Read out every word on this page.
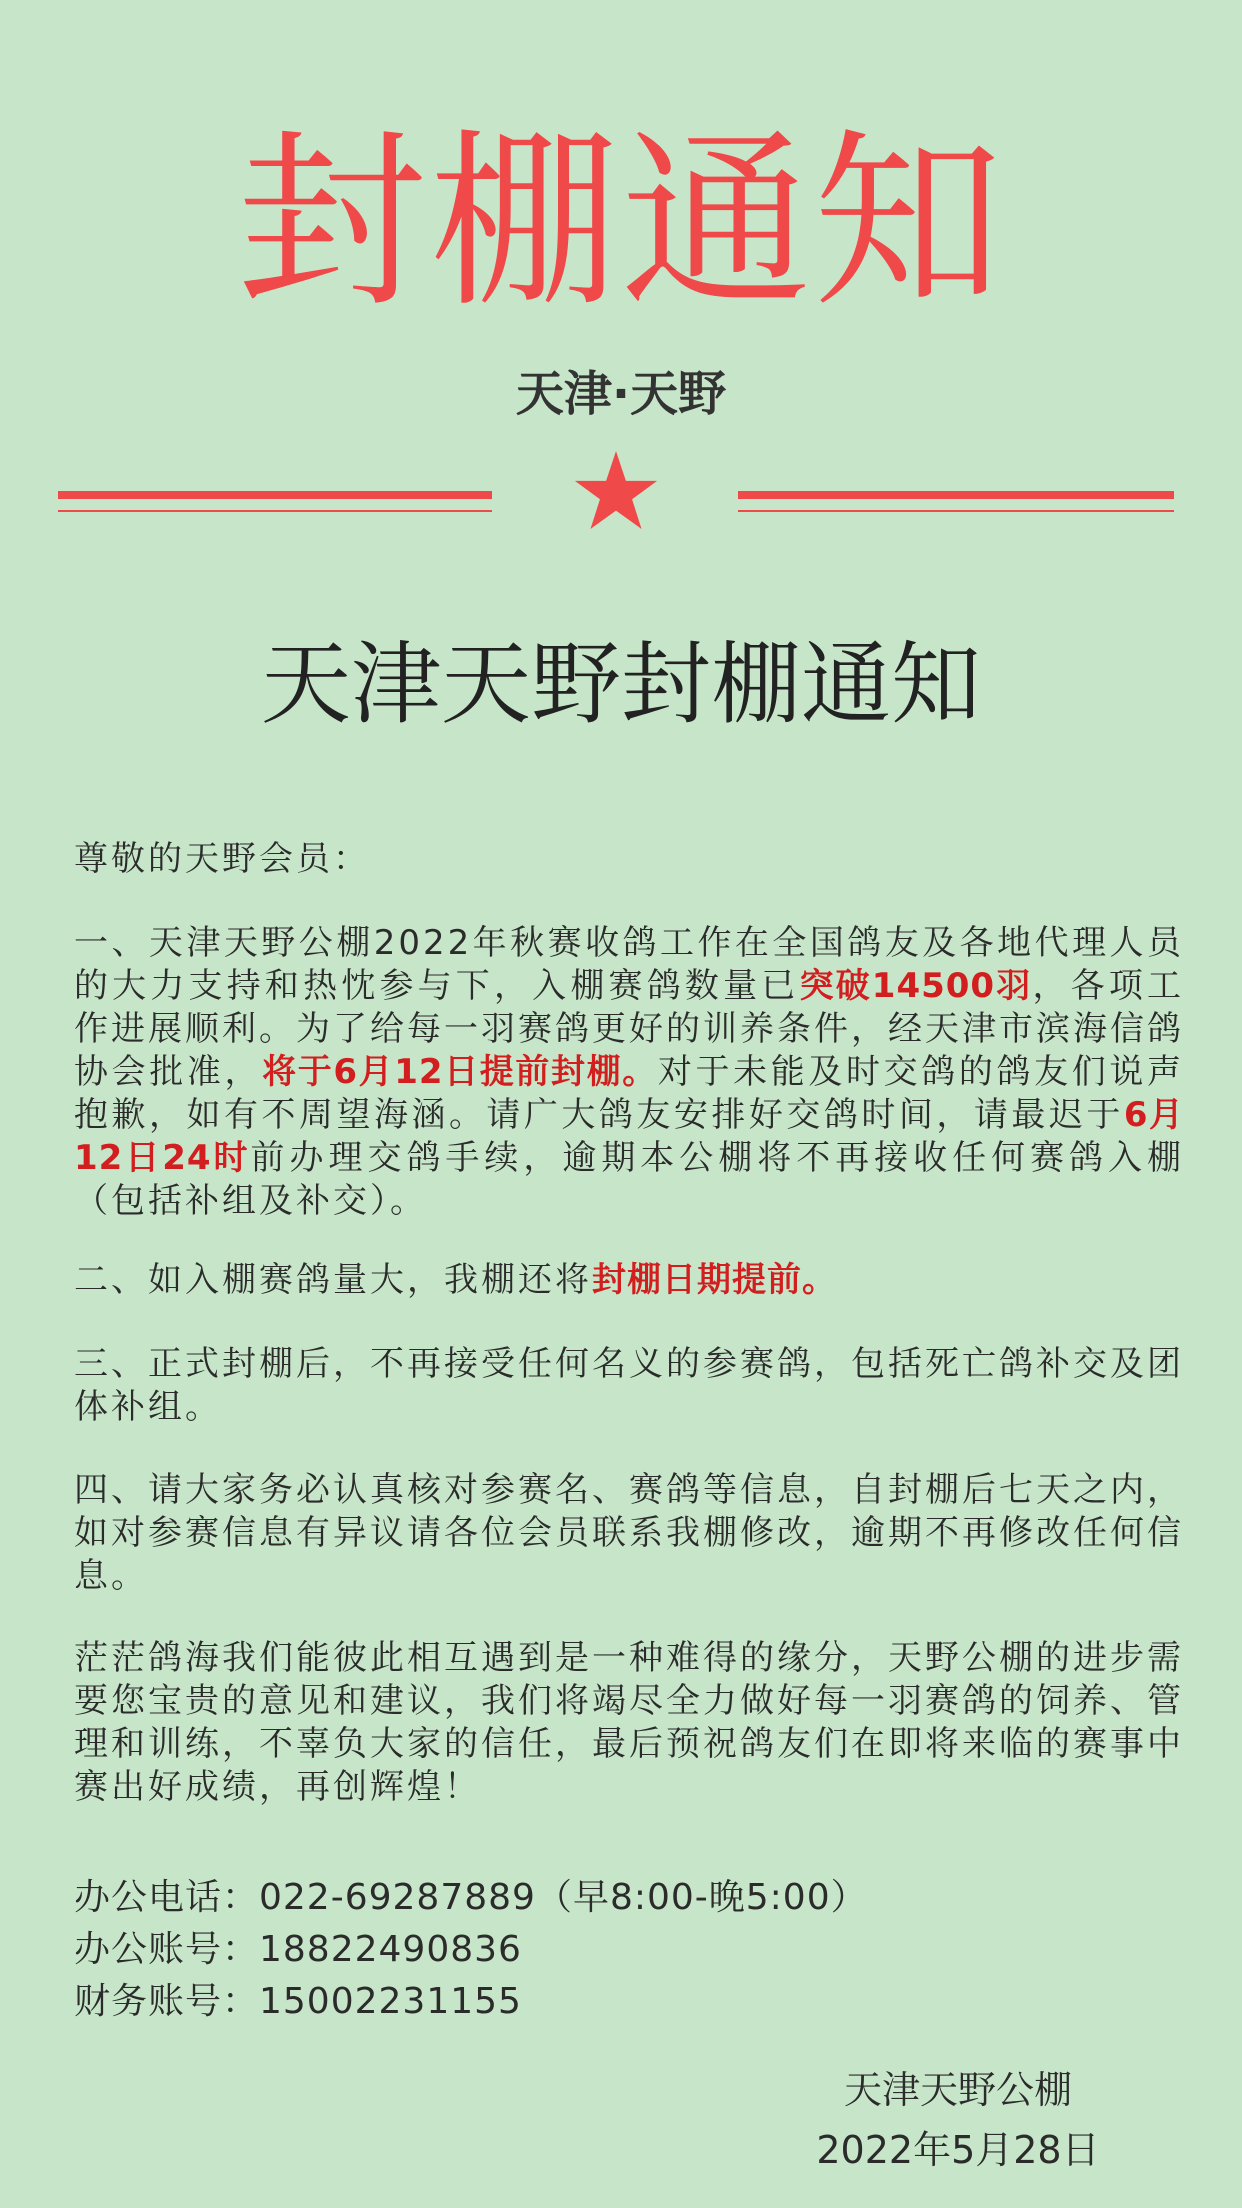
封棚通知
天津·天野
天津天野封棚通知
尊敬的天野会员：
一、天津天野公棚2022年秋赛收鸽工作在全国鸽友及各地代理人员的大力支持和热忱参与下，入棚赛鸽数量已突破14500羽，各项工作进展顺利。为了给每一羽赛鸽更好的训养条件，经天津市滨海信鸽协会批准，将于6月12日提前封棚。对于未能及时交鸽的鸽友们说声抱歉，如有不周望海涵。请广大鸽友安排好交鸽时间，请最迟于6月12日24时前办理交鸽手续，逾期本公棚将不再接收任何赛鸽入棚（包括补组及补交）。
二、如入棚赛鸽量大，我棚还将封棚日期提前。
三、正式封棚后，不再接受任何名义的参赛鸽，包括死亡鸽补交及团体补组。
四、请大家务必认真核对参赛名、赛鸽等信息，自封棚后七天之内，如对参赛信息有异议请各位会员联系我棚修改，逾期不再修改任何信息。
茫茫鸽海我们能彼此相互遇到是一种难得的缘分，天野公棚的进步需要您宝贵的意见和建议，我们将竭尽全力做好每一羽赛鸽的饲养、管理和训练，不辜负大家的信任，最后预祝鸽友们在即将来临的赛事中赛出好成绩，再创辉煌！
办公电话：022-69287889（早8:00-晚5:00）
办公账号：18822490836
财务账号：15002231155
天津天野公棚
2022年5月28日
